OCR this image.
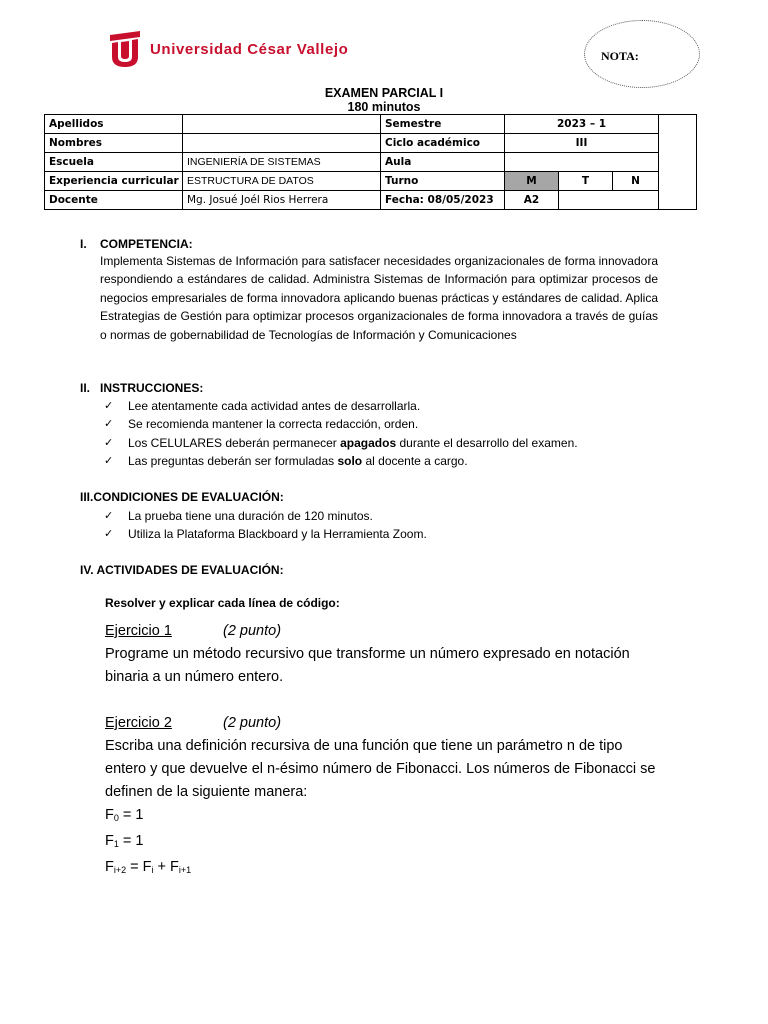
Universidad César Vallejo	NOTA:
EXAMEN PARCIAL I
180 minutos
Apellidos		Semestre	2023 – 1			
Nombres		Ciclo académico	III			
Escuela	INGENIERÍA DE SISTEMAS	Aula				
Experiencia curricular	ESTRUCTURA DE DATOS	Turno	M	T	N	
Docente	Mg. Josué Joél Rios Herrera	Fecha: 08/05/2023	A2			
I. COMPETENCIA:
Implementa Sistemas de Información para satisfacer necesidades organizacionales de forma innovadora respondiendo a estándares de calidad. Administra Sistemas de Información para optimizar procesos de negocios empresariales de forma innovadora aplicando buenas prácticas y estándares de calidad. Aplica Estrategias de Gestión para optimizar procesos organizacionales de forma innovadora a través de guías o normas de gobernabilidad de Tecnologías de Información y Comunicaciones
II. INSTRUCCIONES:
✓	Lee atentamente cada actividad antes de desarrollarla.
✓	Se recomienda mantener la correcta redacción, orden.
✓	Los CELULARES deberán permanecer apagados durante el desarrollo del examen.
✓	Las preguntas deberán ser formuladas solo al docente a cargo.
III.CONDICIONES DE EVALUACIÓN:
✓	La prueba tiene una duración de 120 minutos.
✓	Utiliza la Plataforma Blackboard y la Herramienta Zoom.
IV. ACTIVIDADES DE EVALUACIÓN:
Resolver y explicar cada línea de código:
Ejercicio 1	(2 punto)
Programe un método recursivo que transforme un número expresado en notación binaria a un número entero.
Ejercicio 2	(2 punto)
Escriba una definición recursiva de una función que tiene un parámetro n de tipo entero y que devuelve el n-ésimo número de Fibonacci. Los números de Fibonacci se definen de la siguiente manera:
$F_0 = 1$
$F_1 = 1$
$F_{i+2} = F_i + F_{i+1}$
